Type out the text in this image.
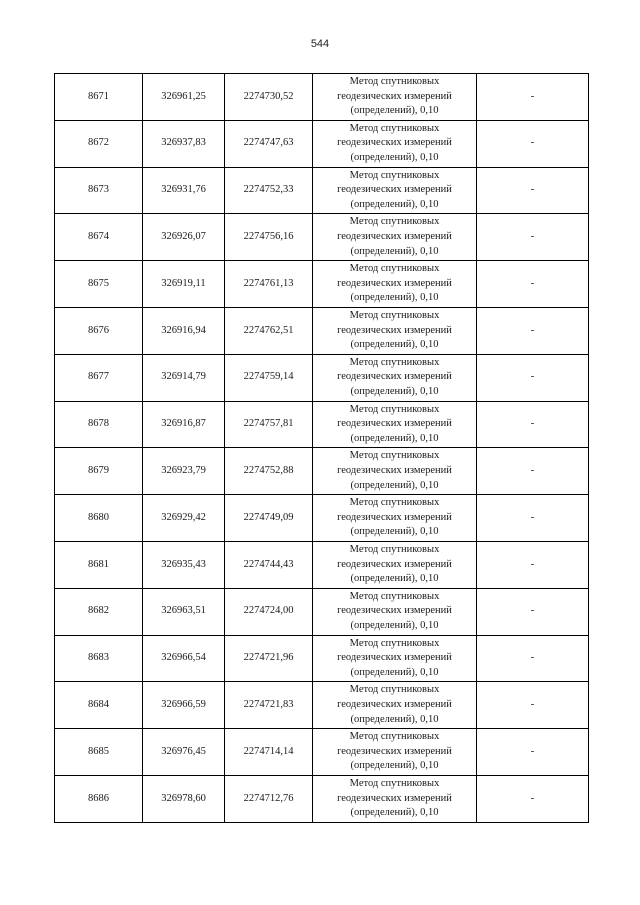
544
8671	326961,25	2274730,52	Метод спутниковых
геодезических измерений
(определений), 0,10	-
8672	326937,83	2274747,63	Метод спутниковых
геодезических измерений
(определений), 0,10	-
8673	326931,76	2274752,33	Метод спутниковых
геодезических измерений
(определений), 0,10	-
8674	326926,07	2274756,16	Метод спутниковых
геодезических измерений
(определений), 0,10	-
8675	326919,11	2274761,13	Метод спутниковых
геодезических измерений
(определений), 0,10	-
8676	326916,94	2274762,51	Метод спутниковых
геодезических измерений
(определений), 0,10	-
8677	326914,79	2274759,14	Метод спутниковых
геодезических измерений
(определений), 0,10	-
8678	326916,87	2274757,81	Метод спутниковых
геодезических измерений
(определений), 0,10	-
8679	326923,79	2274752,88	Метод спутниковых
геодезических измерений
(определений), 0,10	-
8680	326929,42	2274749,09	Метод спутниковых
геодезических измерений
(определений), 0,10	-
8681	326935,43	2274744,43	Метод спутниковых
геодезических измерений
(определений), 0,10	-
8682	326963,51	2274724,00	Метод спутниковых
геодезических измерений
(определений), 0,10	-
8683	326966,54	2274721,96	Метод спутниковых
геодезических измерений
(определений), 0,10	-
8684	326966,59	2274721,83	Метод спутниковых
геодезических измерений
(определений), 0,10	-
8685	326976,45	2274714,14	Метод спутниковых
геодезических измерений
(определений), 0,10	-
8686	326978,60	2274712,76	Метод спутниковых
геодезических измерений
(определений), 0,10	-
